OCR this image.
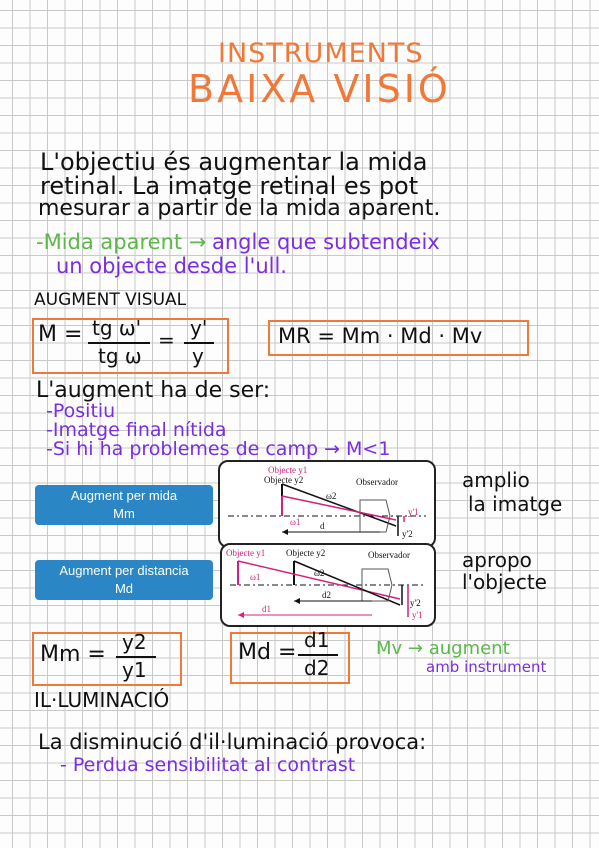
INSTRUMENTS
BAIXA VISIÓ
L'objectiu és augmentar la mida
retinal. La imatge retinal es pot
mesurar a partir de la mida aparent.
-Mida aparent → angle que subtendeix
un objecte desde l'ull.
AUGMENT VISUAL
M = tg ω'
tg ω
= y'
y
MR = Mm · Md · Mv
L'augment ha de ser:
-Positiu
-Imatge final nítida
-Si hi ha problemes de camp → M<1
Augment per mida
Mm
Objecte y1
Objecte y2	Observador
ω2
ω1 d
y'1
y'2
amplio
la imatge
Augment per distancia
Md
Objecte y1 Objecte y2	Observador
ω1	ω2
d2
d1
y'2
y'1
apropo
l'objecte
Mm = y2
y1
Md = d1
d2
Mv → augment
amb instrument
IL·LUMINACIÓ
La disminució d'il·luminació provoca:
- Perdua sensibilitat al contrast
